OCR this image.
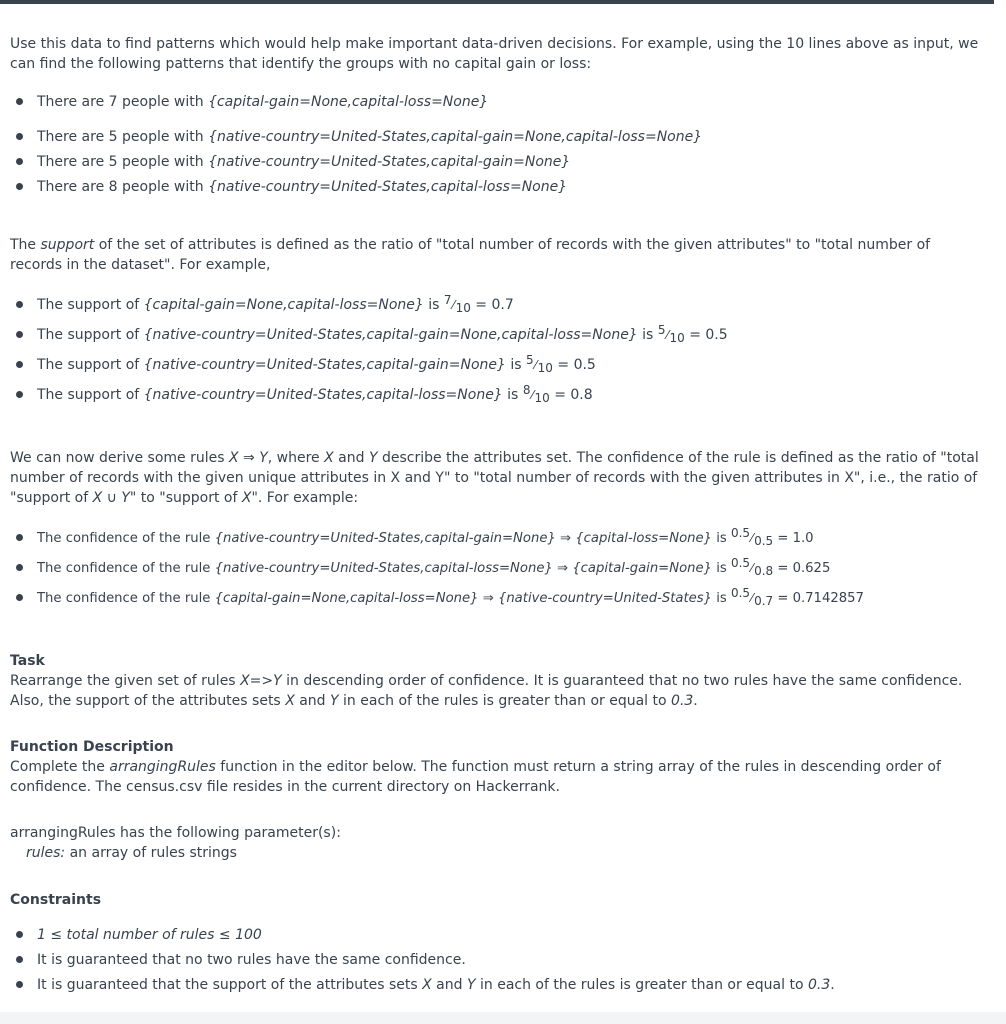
Use this data to find patterns which would help make important data-driven decisions. For example, using the 10 lines above as input, we can find the following patterns that identify the groups with no capital gain or loss:

There are 7 people with {capital-gain=None,capital-loss=None}
There are 5 people with {native-country=United-States,capital-gain=None,capital-loss=None}
There are 5 people with {native-country=United-States,capital-gain=None}
There are 8 people with {native-country=United-States,capital-loss=None}

The support of the set of attributes is defined as the ratio of "total number of records with the given attributes" to "total number of records in the dataset". For example,

The support of {capital-gain=None,capital-loss=None} is 7⁄10 = 0.7
The support of {native-country=United-States,capital-gain=None,capital-loss=None} is 5⁄10 = 0.5
The support of {native-country=United-States,capital-gain=None} is 5⁄10 = 0.5
The support of {native-country=United-States,capital-loss=None} is 8⁄10 = 0.8

We can now derive some rules X ⇒ Y, where X and Y describe the attributes set. The confidence of the rule is defined as the ratio of "total number of records with the given unique attributes in X and Y" to "total number of records with the given attributes in X", i.e., the ratio of "support of X ∪ Y" to "support of X". For example:

The confidence of the rule {native-country=United-States,capital-gain=None} ⇒ {capital-loss=None} is 0.5⁄0.5 = 1.0
The confidence of the rule {native-country=United-States,capital-loss=None} ⇒ {capital-gain=None} is 0.5⁄0.8 = 0.625
The confidence of the rule {capital-gain=None,capital-loss=None} ⇒ {native-country=United-States} is 0.5⁄0.7 = 0.7142857

Task
Rearrange the given set of rules X=>Y in descending order of confidence. It is guaranteed that no two rules have the same confidence. Also, the support of the attributes sets X and Y in each of the rules is greater than or equal to 0.3.

Function Description
Complete the arrangingRules function in the editor below. The function must return a string array of the rules in descending order of confidence. The census.csv file resides in the current directory on Hackerrank.

arrangingRules has the following parameter(s):
rules: an array of rules strings

Constraints

1 ≤ total number of rules ≤ 100
It is guaranteed that no two rules have the same confidence.
It is guaranteed that the support of the attributes sets X and Y in each of the rules is greater than or equal to 0.3.
